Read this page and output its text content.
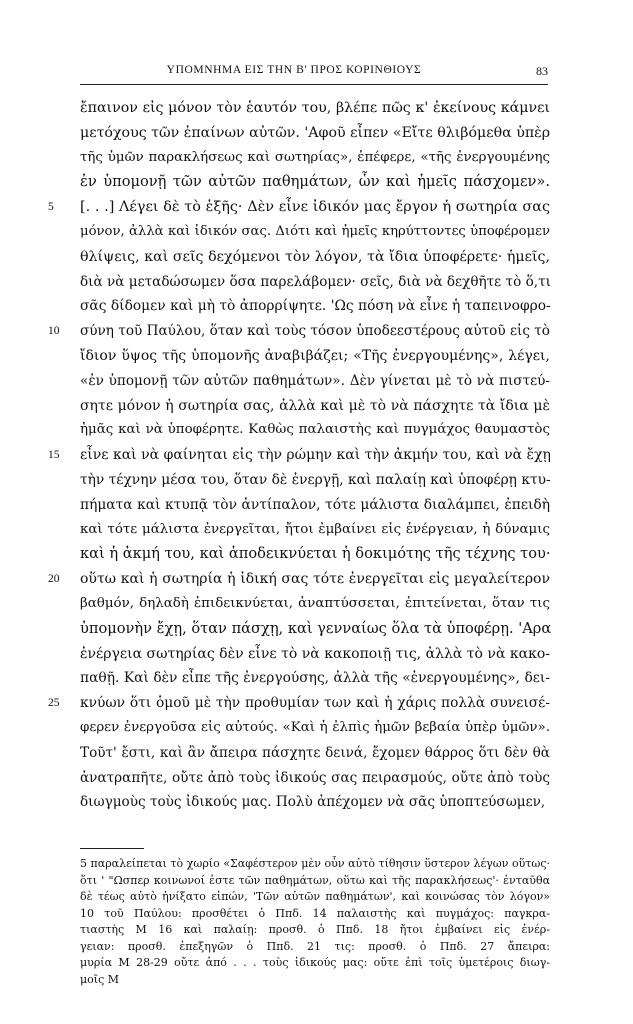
ΥΠΟΜΝΗΜΑ ΕΙΣ ΤΗΝ Β' ΠΡΟΣ ΚΟΡΙΝΘΙΟΥΣ	83
ἔπαινον εἰς μόνον τὸν ἑαυτόν του, βλέπε πῶς κ' ἐκείνους κάμνει
μετόχους τῶν ἐπαίνων αὐτῶν. 'Αφοῦ εἶπεν «Εἴτε θλιβόμεθα ὑπὲρ
τῆς ὑμῶν παρακλήσεως καὶ σωτηρίας», ἐπέφερε, «τῆς ἐνεργουμένης
ἐν ὑπομονῇ τῶν αὐτῶν παθημάτων, ὧν καὶ ἡμεῖς πάσχομεν».
5	[. . .] Λέγει δὲ τὸ ἑξῆς· Δὲν εἶνε ἰδικόν μας ἔργον ἡ σωτηρία σας
μόνον, ἀλλὰ καὶ ἰδικόν σας. Διότι καὶ ἡμεῖς κηρύττοντες ὑποφέρομεν
θλίψεις, καὶ σεῖς δεχόμενοι τὸν λόγον, τὰ ἴδια ὑποφέρετε· ἡμεῖς,
διὰ νὰ μεταδώσωμεν ὅσα παρελάβομεν· σεῖς, διὰ νὰ δεχθῆτε τὸ ὅ,τι
σᾶς δίδομεν καὶ μὴ τὸ ἀπορρίψητε. 'Ως πόση νὰ εἶνε ἡ ταπεινοφρο-
10	σύνη τοῦ Παύλου, ὅταν καὶ τοὺς τόσον ὑποδεεστέρους αὐτοῦ εἰς τὸ
ἴδιον ὕψος τῆς ὑπομονῆς ἀναβιβάζει; «Τῆς ἐνεργουμένης», λέγει,
«ἐν ὑπομονῇ τῶν αὐτῶν παθημάτων». Δὲν γίνεται μὲ τὸ νὰ πιστεύ-
σητε μόνον ἡ σωτηρία σας, ἀλλὰ καὶ μὲ τὸ νὰ πάσχητε τὰ ἴδια μὲ
ἡμᾶς καὶ νὰ ὑποφέρητε. Καθὼς παλαιστὴς καὶ πυγμάχος θαυμαστὸς
15	εἶνε καὶ νὰ φαίνηται εἰς τὴν ρώμην καὶ τὴν ἀκμήν του, καὶ νὰ ἔχῃ
τὴν τέχνην μέσα του, ὅταν δὲ ἐνεργῇ, καὶ παλαίῃ καὶ ὑποφέρῃ κτυ-
πήματα καὶ κτυπᾷ τὸν ἀντίπαλον, τότε μάλιστα διαλάμπει, ἐπειδὴ
καὶ τότε μάλιστα ἐνεργεῖται, ἤτοι ἐμβαίνει εἰς ἐνέργειαν, ἡ δύναμις
καὶ ἡ ἀκμή του, καὶ ἀποδεικνύεται ἡ δοκιμότης τῆς τέχνης του·
20	οὕτω καὶ ἡ σωτηρία ἡ ἰδική σας τότε ἐνεργεῖται εἰς μεγαλείτερον
βαθμόν, δηλαδὴ ἐπιδεικνύεται, ἀναπτύσσεται, ἐπιτείνεται, ὅταν τις
ὑπομονὴν ἔχῃ, ὅταν πάσχῃ, καὶ γενναίως ὅλα τὰ ὑποφέρῃ. 'Αρα
ἐνέργεια σωτηρίας δὲν εἶνε τὸ νὰ κακοποιῇ τις, ἀλλὰ τὸ νὰ κακο-
παθῇ. Καὶ δὲν εἶπε τῆς ἐνεργούσης, ἀλλὰ τῆς «ἐνεργουμένης», δει-
25	κνύων ὅτι ὁμοῦ μὲ τὴν προθυμίαν των καὶ ἡ χάρις πολλὰ συνεισέ-
φερεν ἐνεργοῦσα εἰς αὐτούς. «Καὶ ἡ ἐλπὶς ἡμῶν βεβαία ὑπὲρ ὑμῶν».
Τοῦτ' ἔστι, καὶ ἂν ἄπειρα πάσχητε δεινά, ἔχομεν θάρρος ὅτι δὲν θὰ
ἀνατραπῆτε, οὔτε ἀπὸ τοὺς ἰδικούς σας πειρασμούς, οὔτε ἀπὸ τοὺς
διωγμοὺς τοὺς ἰδικούς μας. Πολὺ ἀπέχομεν νὰ σᾶς ὑποπτεύσωμεν,
5 παραλείπεται τὸ χωρίο «Σαφέστερον μὲν οὖν αὐτὸ τίθησιν ὕστερον λέγων οὕτως·
ὅτι ' "Ωσπερ κοινωνοί ἐστε τῶν παθημάτων, οὕτω καὶ τῆς παρακλήσεως'· ἐνταῦθα
δὲ τέως αὐτὸ ἠνίξατο εἰπών, 'Τῶν αὐτῶν παθημάτων', καὶ κοινώσας τὸν λόγον»
10 τοῦ Παύλου: προσθέτει ὁ Ππδ. 14 παλαιστὴς καὶ πυγμάχος: παγκρα-
τιαστὴς Μ 16 καὶ παλαίῃ: προσθ. ὁ Ππδ. 18 ἤτοι ἐμβαίνει εἰς ἐνέρ-
γειαν: προσθ. ἐπεξηγῶν ὁ Ππδ. 21 τις: προσθ. ὁ Ππδ. 27 ἄπειρα:
μυρία Μ 28-29 οὔτε ἀπό . . . τοὺς ἰδικούς μας: οὔτε ἐπὶ τοῖς ὑμετέροις διωγ-
μοῖς Μ
